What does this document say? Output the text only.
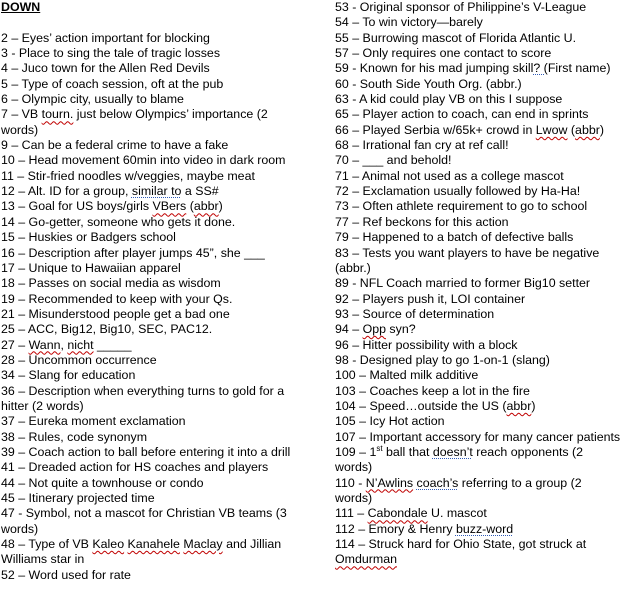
DOWN
2 – Eyes’ action important for blocking
3 - Place to sing the tale of tragic losses
4 – Juco town for the Allen Red Devils
5 – Type of coach session, oft at the pub
6 – Olympic city, usually to blame
7 – VB tourn. just below Olympics’ importance (2 words)
9 – Can be a federal crime to have a fake
10 – Head movement 60min into video in dark room
11 – Stir-fried noodles w/veggies, maybe meat
12 – Alt. ID for a group, similar to a SS#
13 – Goal for US boys/girls VBers (abbr)
14 – Go-getter, someone who gets it done.
15 – Huskies or Badgers school
16 – Description after player jumps 45”, she ___
17 – Unique to Hawaiian apparel
18 – Passes on social media as wisdom
19 – Recommended to keep with your Qs.
21 – Misunderstood people get a bad one
25 – ACC, Big12, Big10, SEC, PAC12.
27 – Wann, nicht _____
28 – Uncommon occurrence
34 – Slang for education
36 – Description when everything turns to gold for a hitter (2 words)
37 – Eureka moment exclamation
38 – Rules, code synonym
39 – Coach action to ball before entering it into a drill
41 – Dreaded action for HS coaches and players
44 – Not quite a townhouse or condo
45 – Itinerary projected time
47 - Symbol, not a mascot for Christian VB teams (3 words)
48 – Type of VB Kaleo Kanahele Maclay and Jillian Williams star in
52 – Word used for rate
53 - Original sponsor of Philippine’s V-League
54 – To win victory—barely
55 – Burrowing mascot of Florida Atlantic U.
57 – Only requires one contact to score
59 - Known for his mad jumping skill? (First name)
60 - South Side Youth Org. (abbr.)
63 - A kid could play VB on this I suppose
65 – Player action to coach, can end in sprints
66 – Played Serbia w/65k+ crowd in Lwow (abbr)
68 – Irrational fan cry at ref call!
70 – ___ and behold!
71 – Animal not used as a college mascot
72 – Exclamation usually followed by Ha-Ha!
73 – Often athlete requirement to go to school
77 – Ref beckons for this action
79 – Happened to a batch of defective balls
83 – Tests you want players to have be negative (abbr.)
89 - NFL Coach married to former Big10 setter
92 – Players push it, LOI container
93 – Source of determination
94 – Opp syn?
96 – Hitter possibility with a block
98 - Designed play to go 1-on-1 (slang)
100 – Malted milk additive
103 – Coaches keep a lot in the fire
104 – Speed…outside the US (abbr)
105 – Icy Hot action
107 – Important accessory for many cancer patients
109 – 1st ball that doesn’t reach opponents (2 words)
110 - N’Awlins coach’s referring to a group (2 words)
111 – Cabondale U. mascot
112 – Emory & Henry buzz-word
114 – Struck hard for Ohio State, got struck at Omdurman
